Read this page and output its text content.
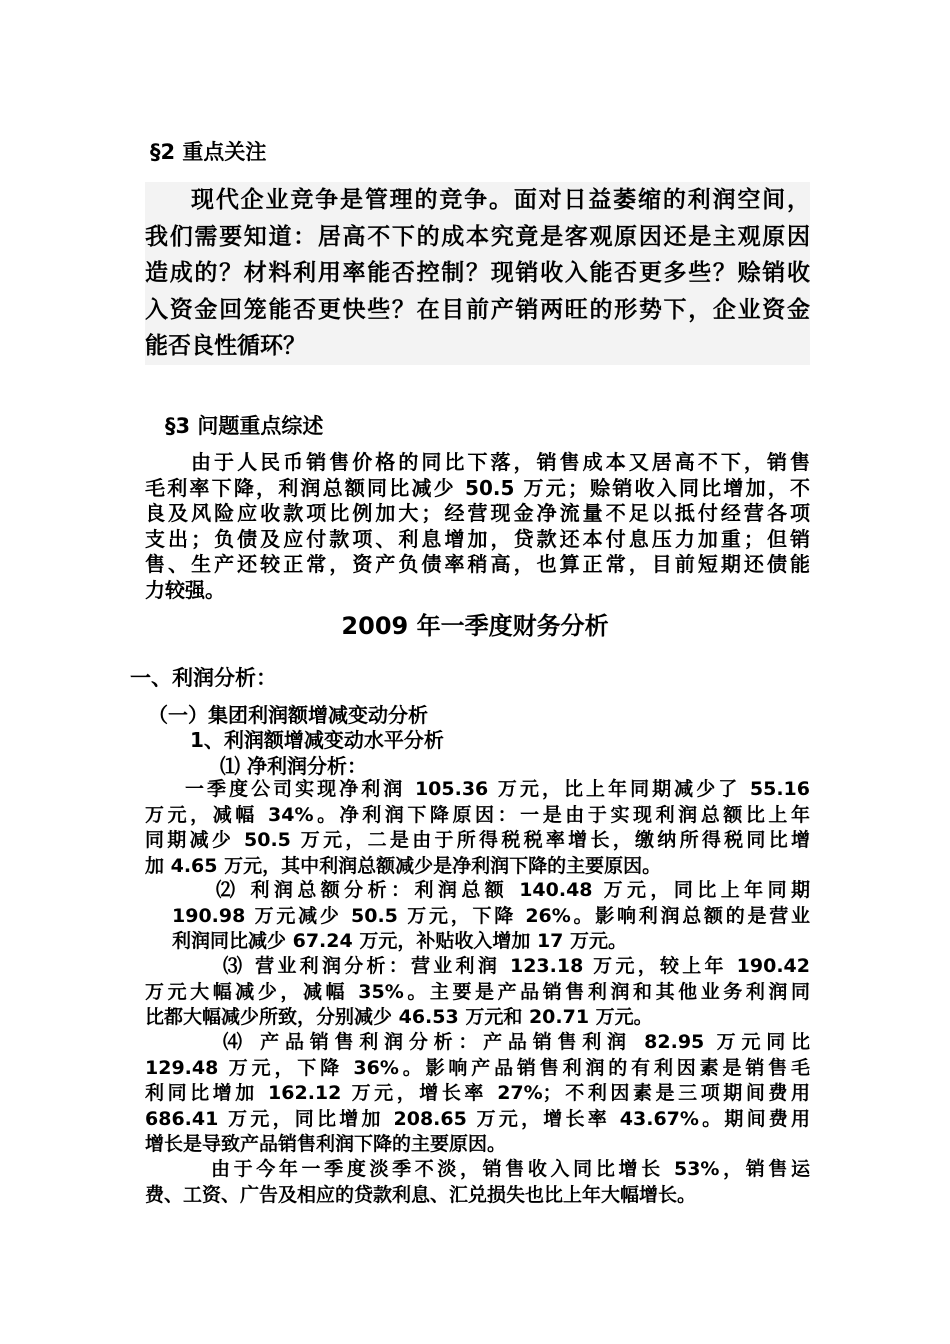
§2 重点关注
现代企业竞争是管理的竞争。面对日益萎缩的利润空间，
我们需要知道：居高不下的成本究竟是客观原因还是主观原因
造成的？材料利用率能否控制？现销收入能否更多些？赊销收
入资金回笼能否更快些？在目前产销两旺的形势下，企业资金
能否良性循环？
§3 问题重点综述
由于人民币销售价格的同比下落，销售成本又居高不下，销售
毛利率下降，利润总额同比减少 50.5 万元；赊销收入同比增加，不
良及风险应收款项比例加大；经营现金净流量不足以抵付经营各项
支出；负债及应付款项、利息增加，贷款还本付息压力加重；但销
售、生产还较正常，资产负债率稍高，也算正常，目前短期还债能
力较强。
2009 年一季度财务分析
一、利润分析：
（一）集团利润额增减变动分析
1、利润额增减变动水平分析
⑴ 净利润分析：
一季度公司实现净利润 105.36 万元，比上年同期减少了 55.16
万元，减幅 34%。净利润下降原因：一是由于实现利润总额比上年
同期减少 50.5 万元，二是由于所得税税率增长，缴纳所得税同比增
加 4.65 万元，其中利润总额减少是净利润下降的主要原因。
⑵ 利润总额分析：利润总额 140.48 万元，同比上年同期
190.98 万元减少 50.5 万元，下降 26%。影响利润总额的是营业
利润同比减少 67.24 万元，补贴收入增加 17 万元。
⑶ 营业利润分析：营业利润 123.18 万元，较上年 190.42
万元大幅减少，减幅 35%。主要是产品销售利润和其他业务利润同
比都大幅减少所致，分别减少 46.53 万元和 20.71 万元。
⑷ 产品销售利润分析：产品销售利润 82.95 万元同比
129.48 万元，下降 36%。影响产品销售利润的有利因素是销售毛
利同比增加 162.12 万元，增长率 27%；不利因素是三项期间费用
686.41 万元，同比增加 208.65 万元，增长率 43.67%。期间费用
增长是导致产品销售利润下降的主要原因。
由于今年一季度淡季不淡，销售收入同比增长 53%，销售运
费、工资、广告及相应的贷款利息、汇兑损失也比上年大幅增长。
